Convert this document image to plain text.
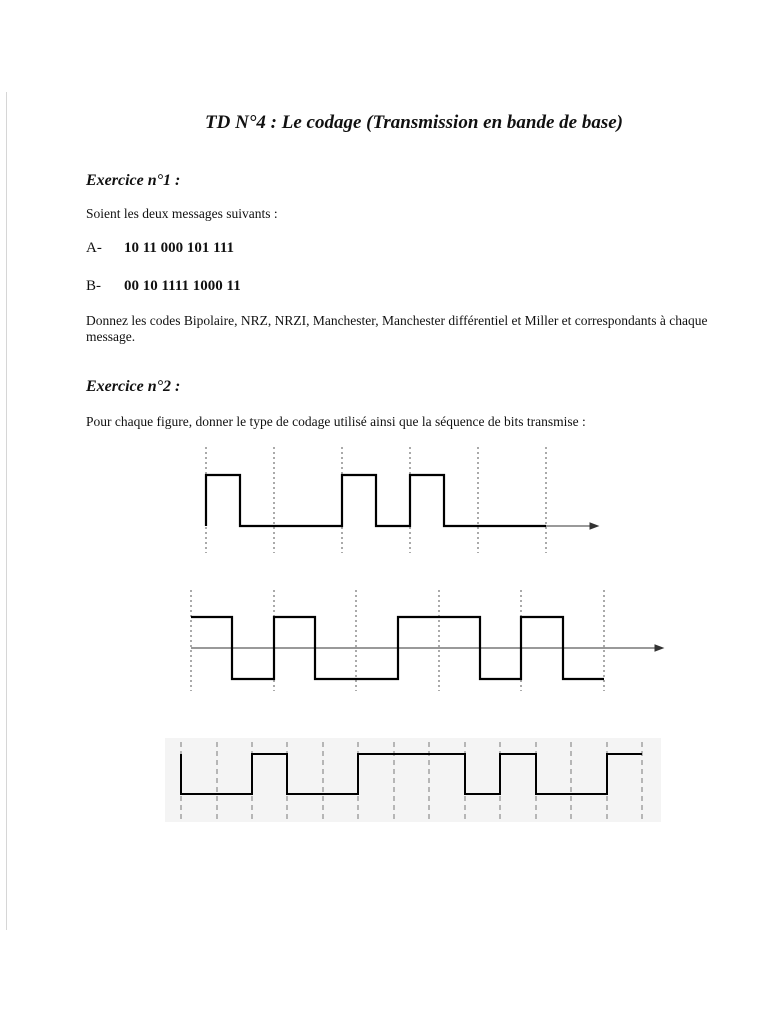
TD N°4 : Le codage (Transmission en bande de base)
Exercice n°1 :
Soient les deux messages suivants :
A- 10 11 000 101 111
B- 00 10 1111 1000 11
Donnez les codes Bipolaire, NRZ, NRZI, Manchester, Manchester différentiel et Miller et correspondants à chaque message.
Exercice n°2 :
Pour chaque figure, donner le type de codage utilisé ainsi que la séquence de bits transmise :
